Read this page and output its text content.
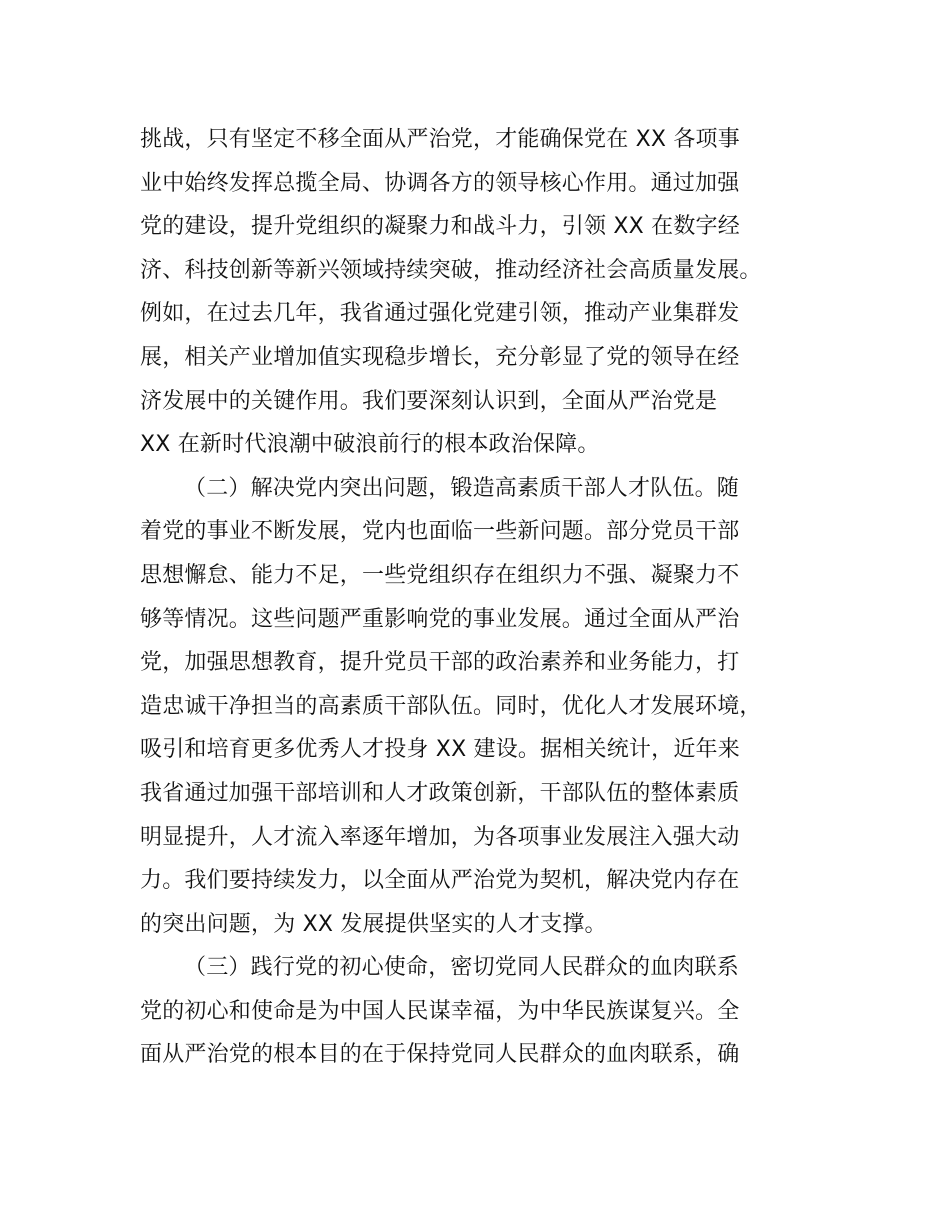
挑战，只有坚定不移全面从严治党，才能确保党在 XX 各项事
业中始终发挥总揽全局、协调各方的领导核心作用。通过加强
党的建设，提升党组织的凝聚力和战斗力，引领 XX 在数字经
济、科技创新等新兴领域持续突破，推动经济社会高质量发展。
例如，在过去几年，我省通过强化党建引领，推动产业集群发
展，相关产业增加值实现稳步增长，充分彰显了党的领导在经
济发展中的关键作用。我们要深刻认识到，全面从严治党是
XX 在新时代浪潮中破浪前行的根本政治保障。
（二）解决党内突出问题，锻造高素质干部人才队伍。随
着党的事业不断发展，党内也面临一些新问题。部分党员干部
思想懈怠、能力不足，一些党组织存在组织力不强、凝聚力不
够等情况。这些问题严重影响党的事业发展。通过全面从严治
党，加强思想教育，提升党员干部的政治素养和业务能力，打
造忠诚干净担当的高素质干部队伍。同时，优化人才发展环境，
吸引和培育更多优秀人才投身 XX 建设。据相关统计，近年来
我省通过加强干部培训和人才政策创新，干部队伍的整体素质
明显提升，人才流入率逐年增加，为各项事业发展注入强大动
力。我们要持续发力，以全面从严治党为契机，解决党内存在
的突出问题，为 XX 发展提供坚实的人才支撑。
（三）践行党的初心使命，密切党同人民群众的血肉联系
党的初心和使命是为中国人民谋幸福，为中华民族谋复兴。全
面从严治党的根本目的在于保持党同人民群众的血肉联系，确
